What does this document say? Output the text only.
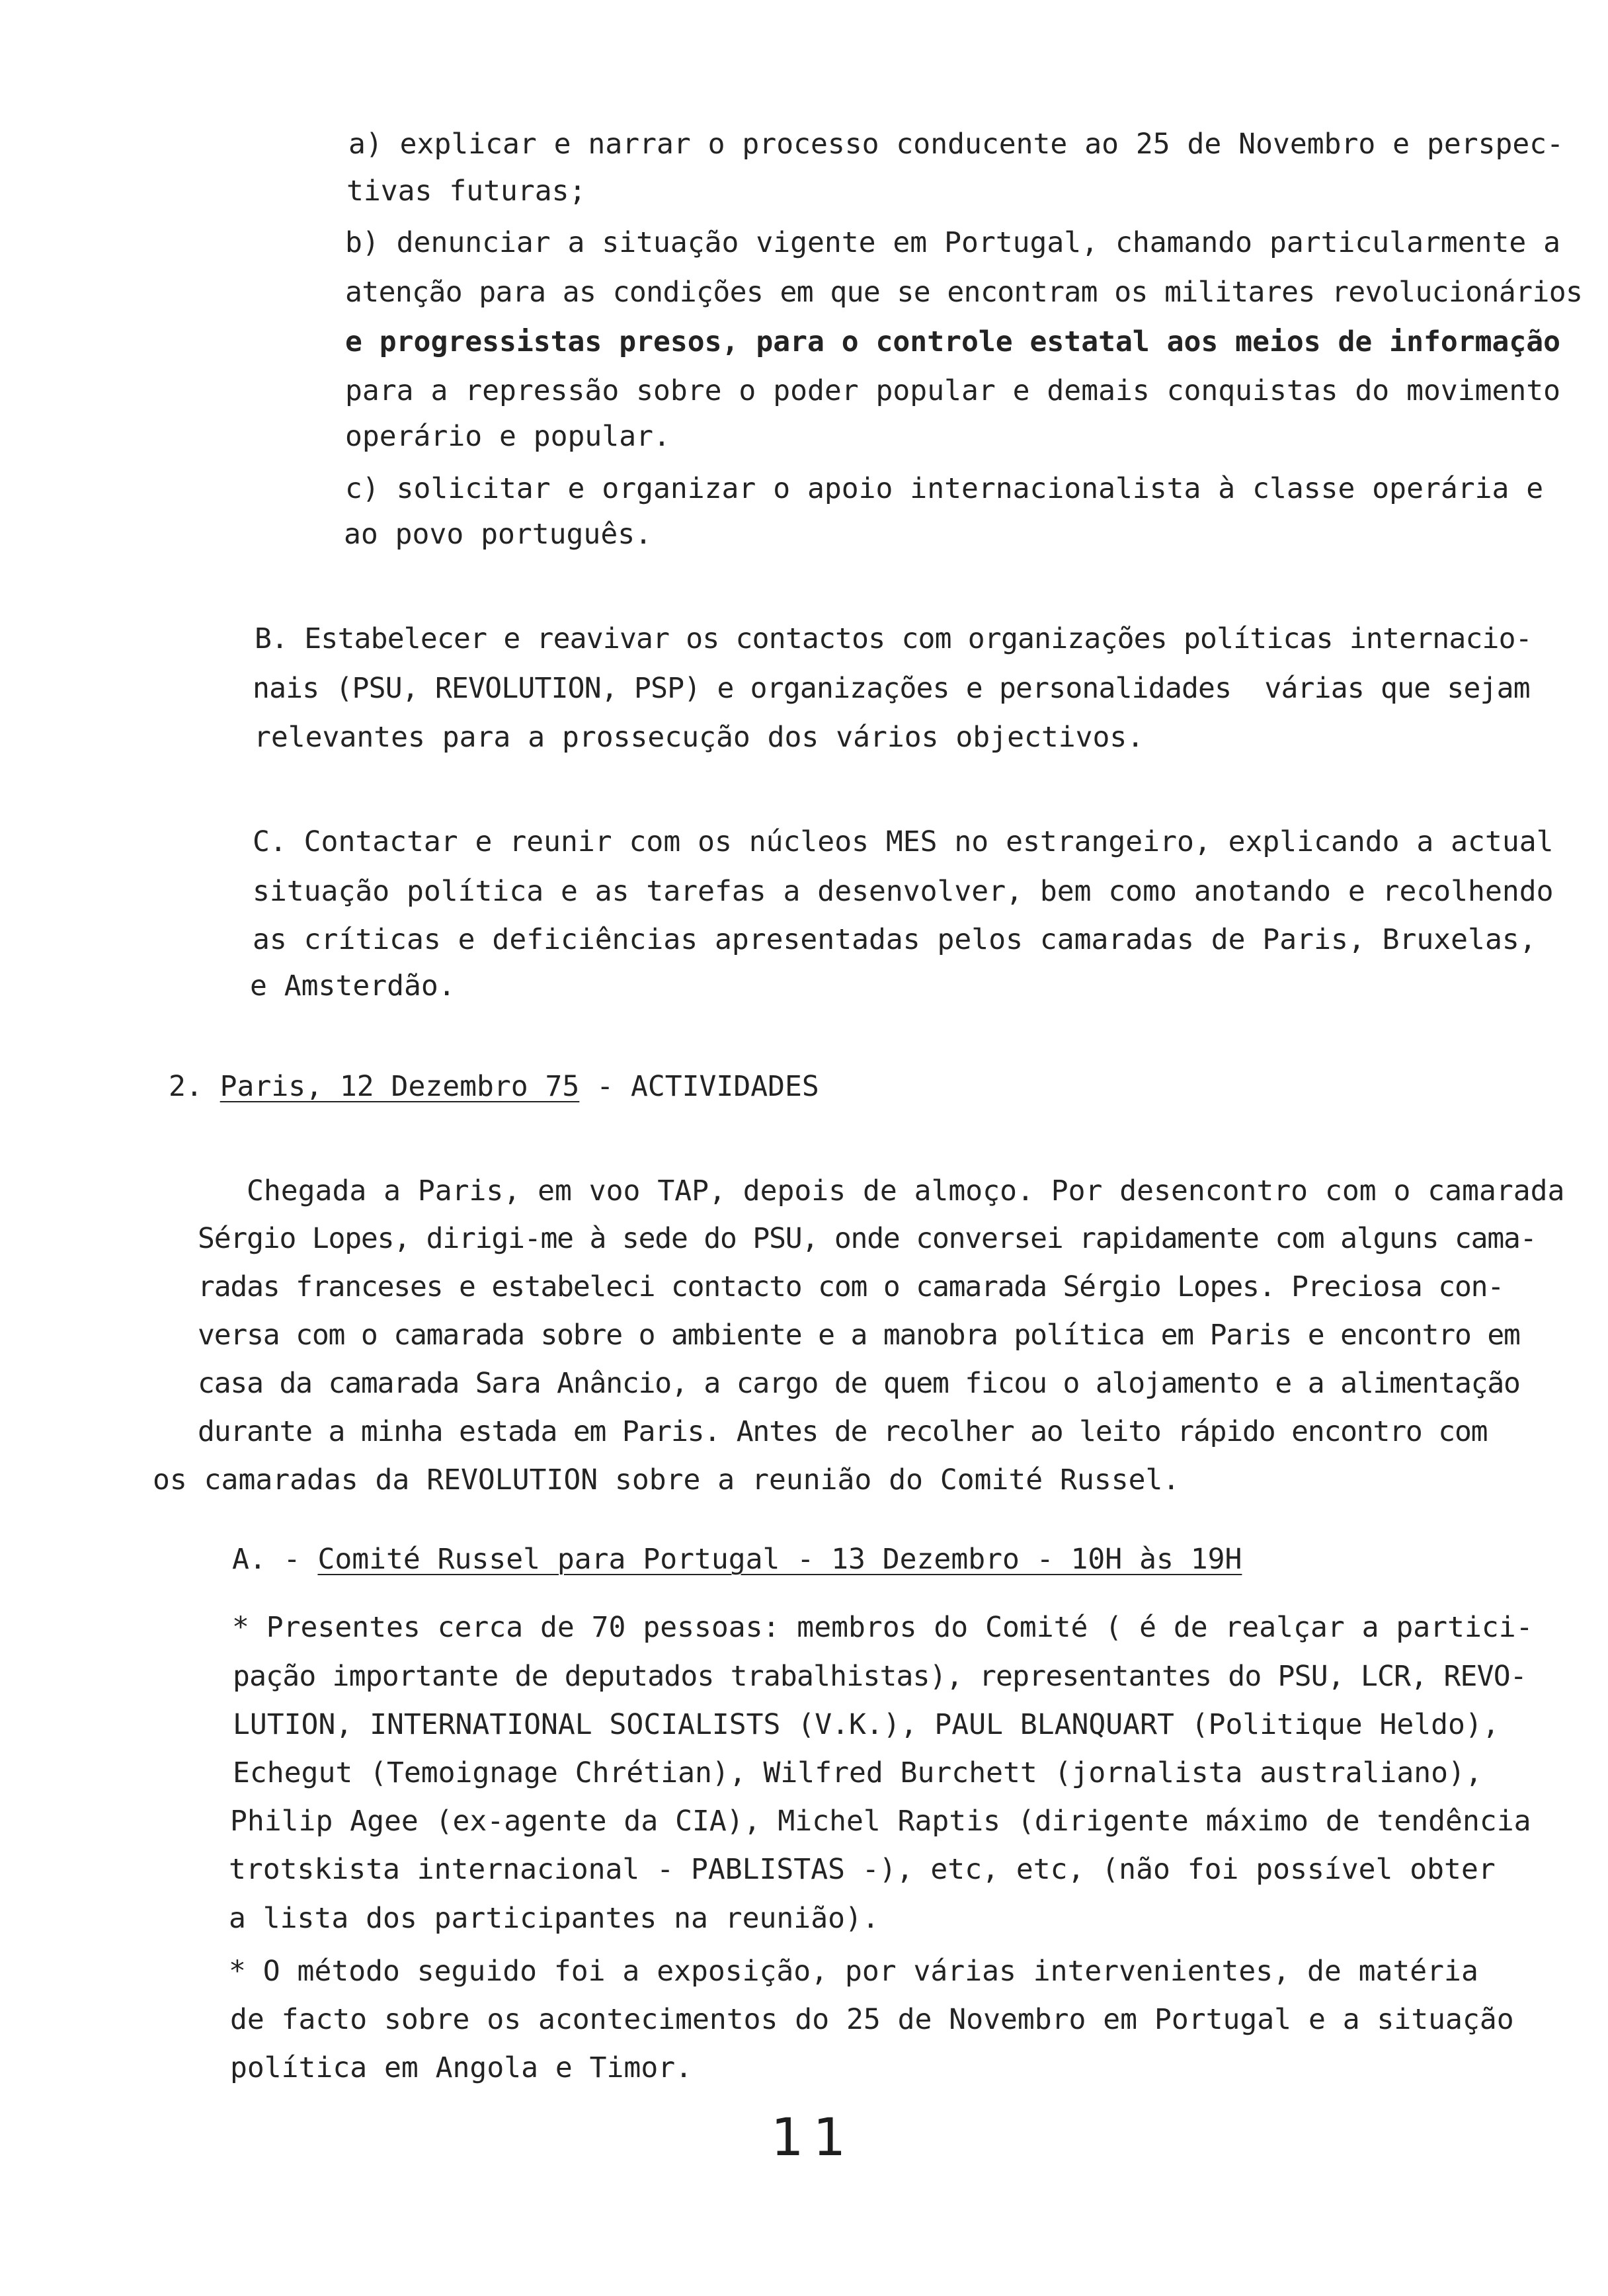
a) explicar e narrar o processo conducente ao 25 de Novembro e perspec-
tivas futuras;
b) denunciar a situação vigente em Portugal, chamando particularmente a
atenção para as condições em que se encontram os militares revolucionários
e progressistas presos, para o controle estatal aos meios de informação
para a repressão sobre o poder popular e demais conquistas do movimento
operário e popular.
c) solicitar e organizar o apoio internacionalista à classe operária e
ao povo português.
B. Estabelecer e reavivar os contactos com organizações políticas internacio-
nais (PSU, REVOLUTION, PSP) e organizações e personalidades  várias que sejam
relevantes para a prossecução dos vários objectivos.
C. Contactar e reunir com os núcleos MES no estrangeiro, explicando a actual
situação política e as tarefas a desenvolver, bem como anotando e recolhendo
as críticas e deficiências apresentadas pelos camaradas de Paris, Bruxelas,
e Amsterdão.
2. Paris, 12 Dezembro 75 - ACTIVIDADES
Chegada a Paris, em voo TAP, depois de almoço. Por desencontro com o camarada
Sérgio Lopes, dirigi-me à sede do PSU, onde conversei rapidamente com alguns cama-
radas franceses e estabeleci contacto com o camarada Sérgio Lopes. Preciosa con-
versa com o camarada sobre o ambiente e a manobra política em Paris e encontro em
casa da camarada Sara Anâncio, a cargo de quem ficou o alojamento e a alimentação
durante a minha estada em Paris. Antes de recolher ao leito rápido encontro com
os camaradas da REVOLUTION sobre a reunião do Comité Russel.
A. - Comité Russel para Portugal - 13 Dezembro - 10H às 19H
* Presentes cerca de 70 pessoas: membros do Comité ( é de realçar a partici-
pação importante de deputados trabalhistas), representantes do PSU, LCR, REVO-
LUTION, INTERNATIONAL SOCIALISTS (V.K.), PAUL BLANQUART (Politique Heldo),
Echegut (Temoignage Chrétian), Wilfred Burchett (jornalista australiano),
Philip Agee (ex-agente da CIA), Michel Raptis (dirigente máximo de tendência
trotskista internacional - PABLISTAS -), etc, etc, (não foi possível obter
a lista dos participantes na reunião).
* O método seguido foi a exposição, por várias intervenientes, de matéria
de facto sobre os acontecimentos do 25 de Novembro em Portugal e a situação
política em Angola e Timor.
11
